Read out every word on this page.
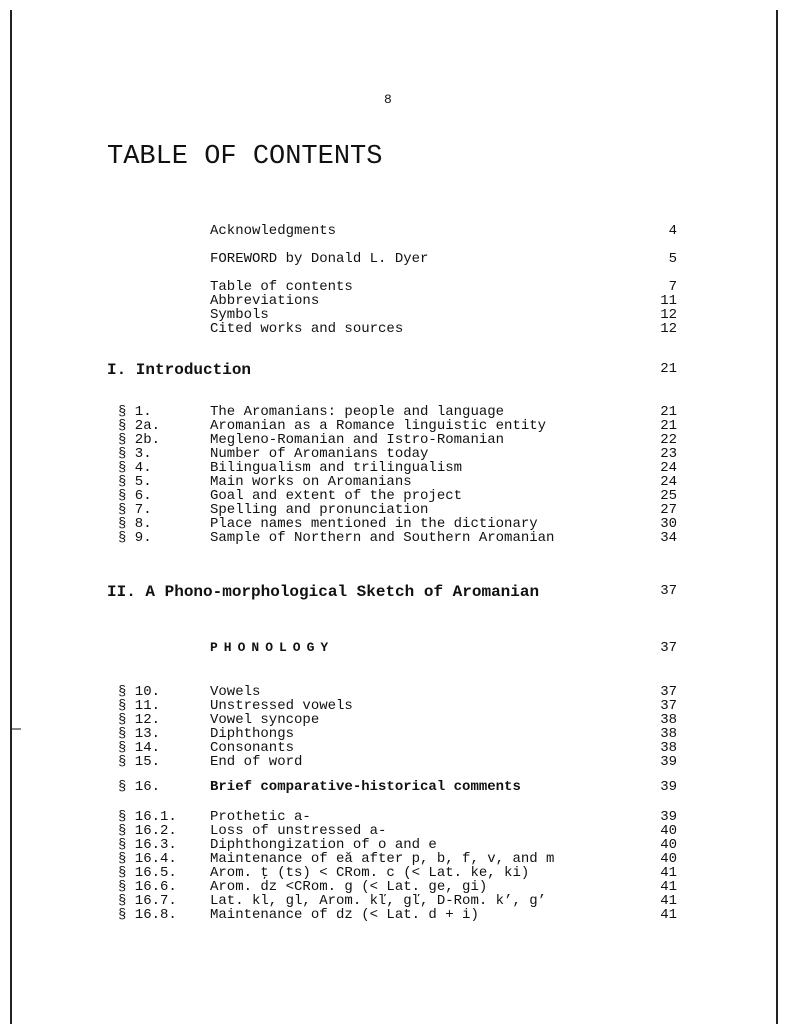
8
TABLE OF CONTENTS
Acknowledgments	4
FOREWORD by Donald L. Dyer	5
Table of contents	7
Abbreviations	11
Symbols	12
Cited works and sources	12
I. Introduction	21
§ 1.	The Aromanians: people and language	21
§ 2a.	Aromanian as a Romance linguistic entity	21
§ 2b.	Megleno-Romanian and Istro-Romanian	22
§ 3.	Number of Aromanians today	23
§ 4.	Bilingualism and trilingualism	24
§ 5.	Main works on Aromanians	24
§ 6.	Goal and extent of the project	25
§ 7.	Spelling and pronunciation	27
§ 8.	Place names mentioned in the dictionary	30
§ 9.	Sample of Northern and Southern Aromanian	34
II. A Phono-morphological Sketch of Aromanian	37
PHONOLOGY	37
§ 10.	Vowels	37
§ 11.	Unstressed vowels	37
§ 12.	Vowel syncope	38
§ 13.	Diphthongs	38
§ 14.	Consonants	38
§ 15.	End of word	39
§ 16.	Brief comparative-historical comments	39
§ 16.1. Prothetic a-	39
§ 16.2. Loss of unstressed a-	40
§ 16.3. Diphthongization of o and e	40
§ 16.4. Maintenance of eă after p, b, f, v, and m	40
§ 16.5. Arom. ţ (ts) < CRom. c (< Lat. ke, ki)	41
§ 16.6. Arom. dz <CRom. g (< Lat. ge, gi)	41
§ 16.7. Lat. kl, gl, Arom. kľ, gľ, D-Rom. k’, g’	41
§ 16.8. Maintenance of dz (< Lat. d + i)	41
